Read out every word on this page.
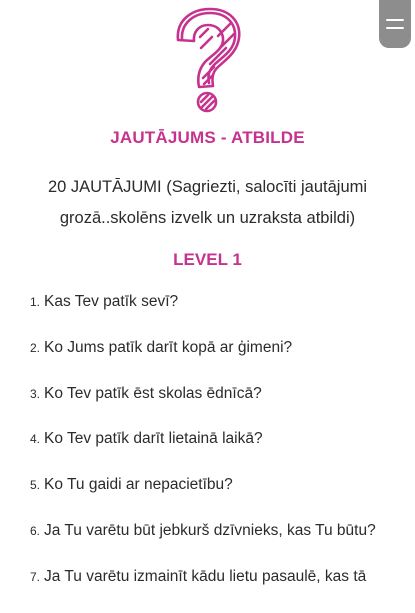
JAUTĀJUMS - ATBILDE
20 JAUTĀJUMI (Sagriezti, salocīti jautājumi
grozā..skolēns izvelk un uzraksta atbildi)
LEVEL 1
1. Kas Tev patīk sevī?
2. Ko Jums patīk darīt kopā ar ģimeni?
3. Ko Tev patīk ēst skolas ēdnīcā?
4. Ko Tev patīk darīt lietainā laikā?
5. Ko Tu gaidi ar nepacietību?
6. Ja Tu varētu būt jebkurš dzīvnieks, kas Tu būtu?
7. Ja Tu varētu izmainīt kādu lietu pasaulē, kas tā
